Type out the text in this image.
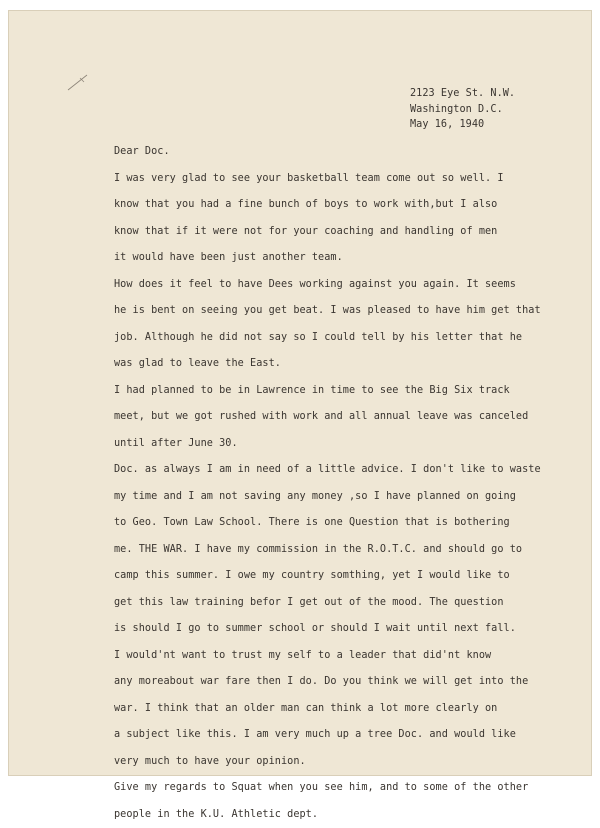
2123 Eye St. N.W.
Washington D.C.
May 16, 1940
Dear Doc.
I was very glad to see your basketball team come out so well. I
know that you had a fine bunch of boys to work with,but I also
know that if it were not for your coaching and handling of men
it would have been just another team.
How does it feel to have Dees working against you again. It seems
he is bent on seeing you get beat. I was pleased to have him get that
job. Although he did not say so I could tell by his letter that he
was glad to leave the East.
I had planned to be in Lawrence in time to see the Big Six track
meet, but we got rushed with work and all annual leave was canceled
until after June 30.
Doc. as always I am in need of a little advice. I don't like to waste
my time and I am not saving any money ,so I have planned on going
to Geo. Town Law School. There is one Question that is bothering
me. THE WAR. I have my commission in the R.O.T.C. and should go to
camp this summer. I owe my country somthing, yet I would like to
get this law training befor I get out of the mood. The question
is should I go to summer school or should I wait until next fall.
I would'nt want to trust my self to a leader that did'nt know
any moreabout war fare then I do. Do you think we will get into the
war. I think that an older man can think a lot more clearly on
a subject like this. I am very much up a tree Doc. and would like
very much to have your opinion.
Give my regards to Squat when you see him, and to some of the other
people in the K.U. Athletic dept.
